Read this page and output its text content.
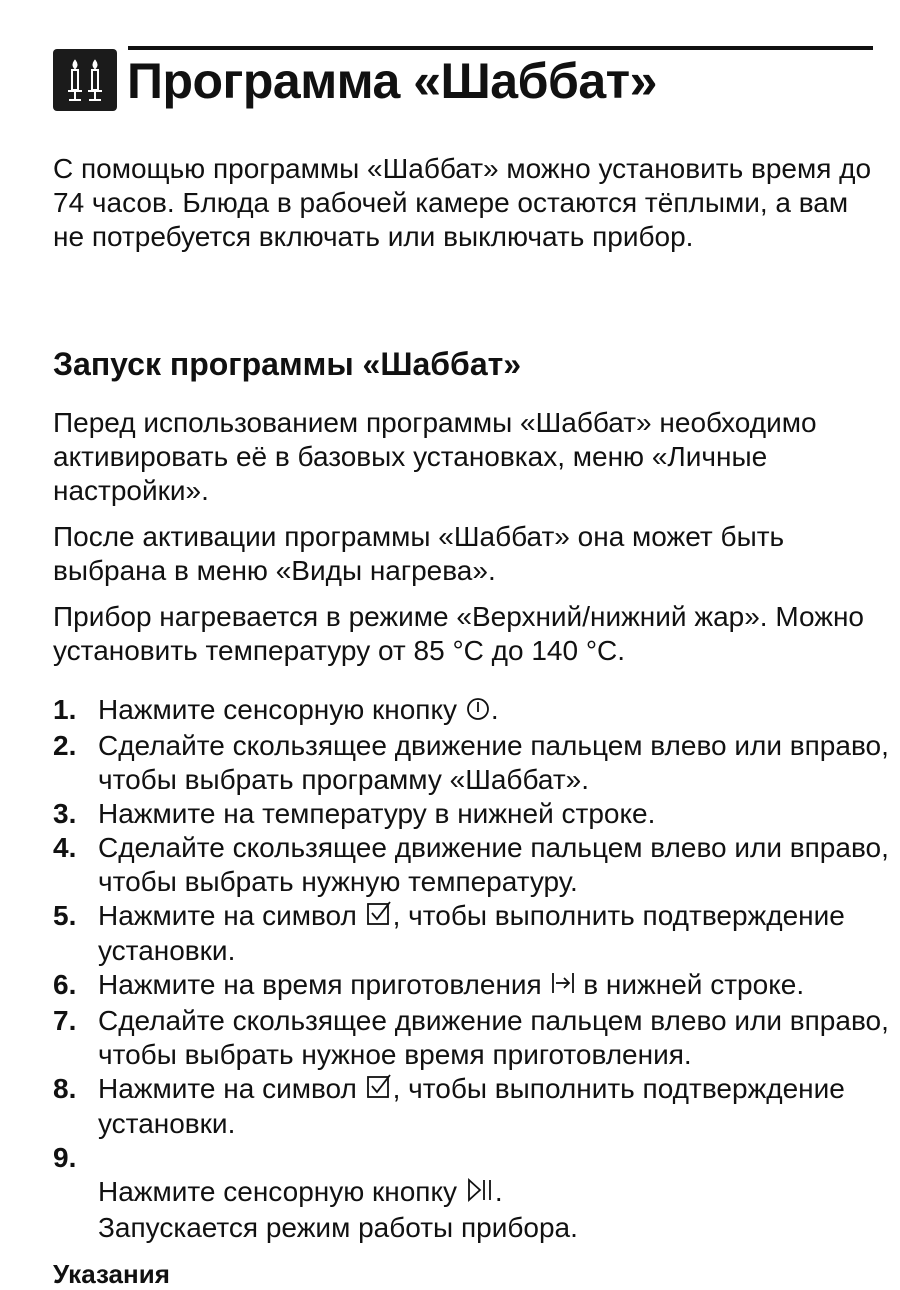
Программа «Шаббат»
С помощью программы «Шаббат» можно установить время до 74 часов. Блюда в рабочей камере остаются тёплыми, а вам не потребуется включать или выключать прибор.
Запуск программы «Шаббат»
Перед использованием программы «Шаббат» необходимо активировать её в базовых установках, меню «Личные настройки».
После активации программы «Шаббат» она может быть выбрана в меню «Виды нагрева».
Прибор нагревается в режиме «Верхний/нижний жар». Можно установить температуру от 85 °C до 140 °C.
1. Нажмите сенсорную кнопку .
2. Сделайте скользящее движение пальцем влево или вправо, чтобы выбрать программу «Шаббат».
3. Нажмите на температуру в нижней строке.
4. Сделайте скользящее движение пальцем влево или вправо, чтобы выбрать нужную температуру.
5. Нажмите на символ , чтобы выполнить подтверждение установки.
6. Нажмите на время приготовления  в нижней строке.
7. Сделайте скользящее движение пальцем влево или вправо, чтобы выбрать нужное время приготовления.
8. Нажмите на символ , чтобы выполнить подтверждение установки.
9.

Нажмите сенсорную кнопку .
Запускается режим работы прибора.

Указания
